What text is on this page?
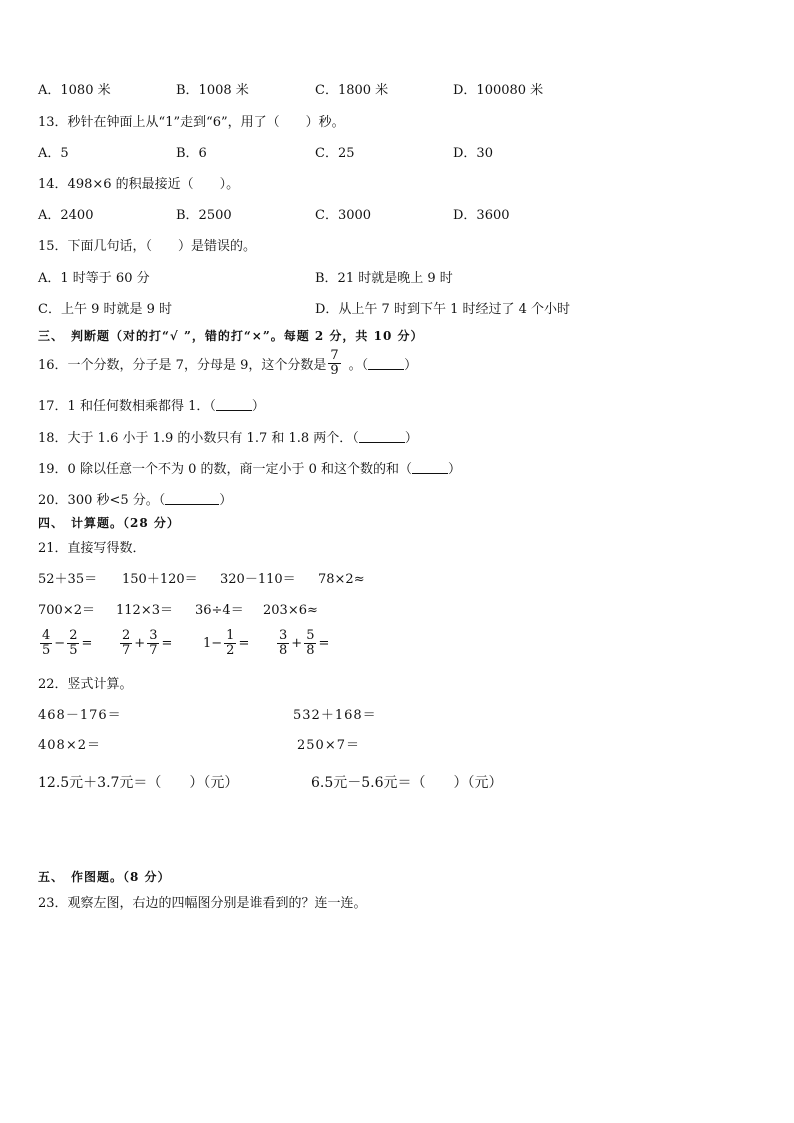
A．1080 米	B．1008 米	C．1800 米	D．100080 米
13．秒针在钟面上从“1”走到“6”，用了（　　）秒。
A．5	B．6	C．25	D．30
14．498×6 的积最接近（　　）。
A．2400	B．2500	C．3000	D．3600
15．下面几句话，（　　）是错误的。
A．1 时等于 60 分	B．21 时就是晚上 9 时
C．上午 9 时就是 9 时	D．从上午 7 时到下午 1 时经过了 4 个小时
三、　判断题（对的打“√ ”，错的打“×”。每题 2 分，共 10 分）
16．一个分数，分子是 7，分母是 9，这个分数是 $\frac{7}{9}$ 。（	）
17．1 和任何数相乘都得 1．（	）
18．大于 1.6 小于 1.9 的小数只有 1.7 和 1.8 两个．（	）
19．0 除以任意一个不为 0 的数，商一定小于 0 和这个数的和（	）
20．300 秒<5 分。（	）
四、　计算题。（28 分）
21．直接写得数．
52＋35＝ 150＋120＝ 320－110＝ 78×2≈
700×2＝ 112×3＝ 36÷4＝ 203×6≈
$\frac{4}{5} - \frac{2}{5} = \frac{2}{7} + \frac{3}{7} = 1- \frac{1}{2} = \frac{3}{8} + \frac{5}{8}$ =
22．竖式计算。
468－176＝	532＋168＝
408×2＝	250×7＝
12.5元＋3.7元＝（　　）（元）	6.5元－5.6元＝（　　）（元）
五、　作图题。（8 分）
23．观察左图，右边的四幅图分别是谁看到的？连一连。
